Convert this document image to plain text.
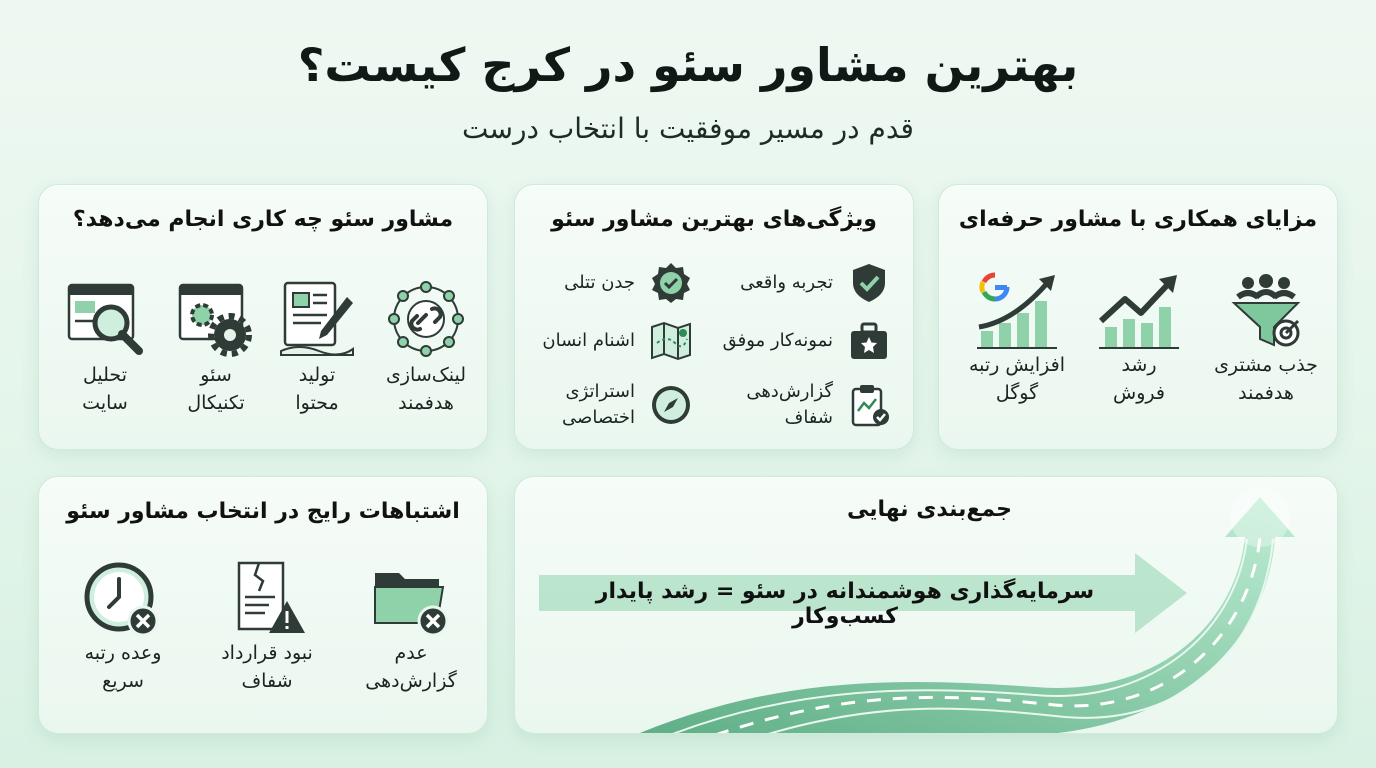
بهترین مشاور سئو در کرج کیست؟
قدم در مسیر موفقیت با انتخاب درست
مزایای همکاری با مشاور حرفه‌ای
جذب مشتری
هدفمند
رشد
فروش
افزایش رتبه
گوگل
ویژگی‌های بهترین مشاور سئو
تجربه واقعی
جدن تتلی
نمونه‌کار موفق
اشنام انسان
گزارش‌دهی
شفاف
استراتژی
اختصاصی
مشاور سئو چه کاری انجام می‌دهد؟
لینک‌سازی
هدفمند
تولید
محتوا
سئو
تکنیکال
تحلیل
سایت
جمع‌بندی نهایی
سرمایه‌گذاری هوشمندانه در سئو = رشد پایدار کسب‌وکار
اشتباهات رایج در انتخاب مشاور سئو
عدم
گزارش‌دهی
نبود قرارداد
شفاف
وعده رتبه
سریع
